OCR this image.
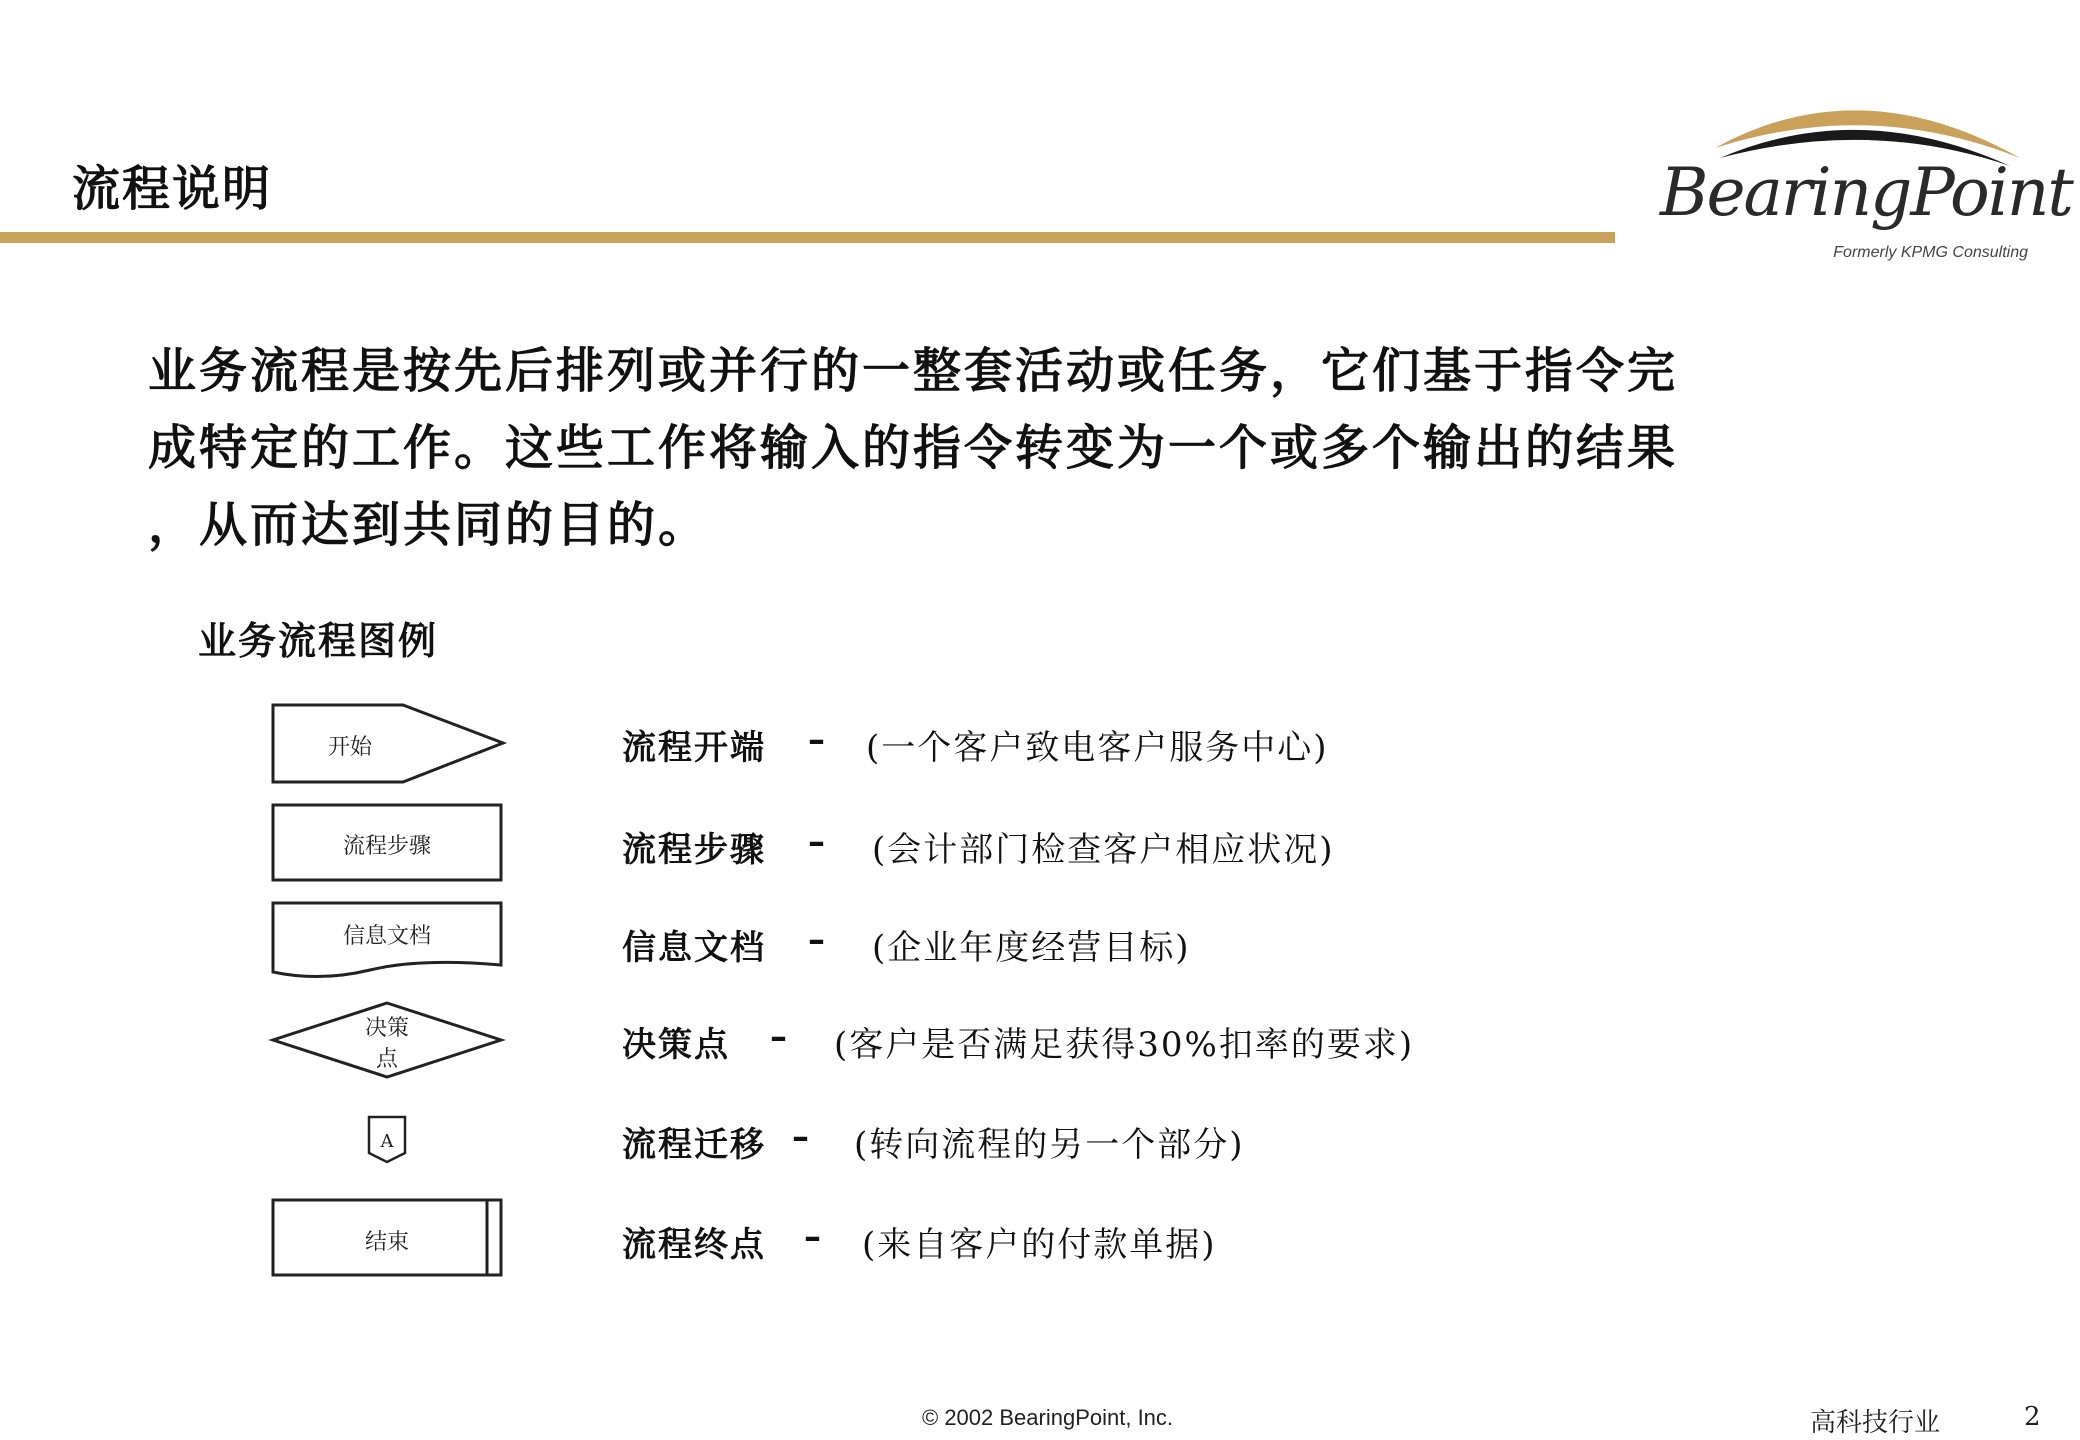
流程说明	BearingPoint
Formerly KPMG Consulting
业务流程是按先后排列或并行的一整套活动或任务，它们基于指令完
成特定的工作。这些工作将输入的指令转变为一个或多个输出的结果
，从而达到共同的目的。
业务流程图例
开始
流程步骤
信息文档
决策
点
A
结束
流程开端 – (一个客户致电客户服务中心)
流程步骤 – (会计部门检查客户相应状况)
信息文档 – (企业年度经营目标)
决策点 – (客户是否满足获得30%扣率的要求)
流程迁移 – (转向流程的另一个部分)
流程终点 – (来自客户的付款单据)
© 2002 BearingPoint, Inc.	高科技行业	2
